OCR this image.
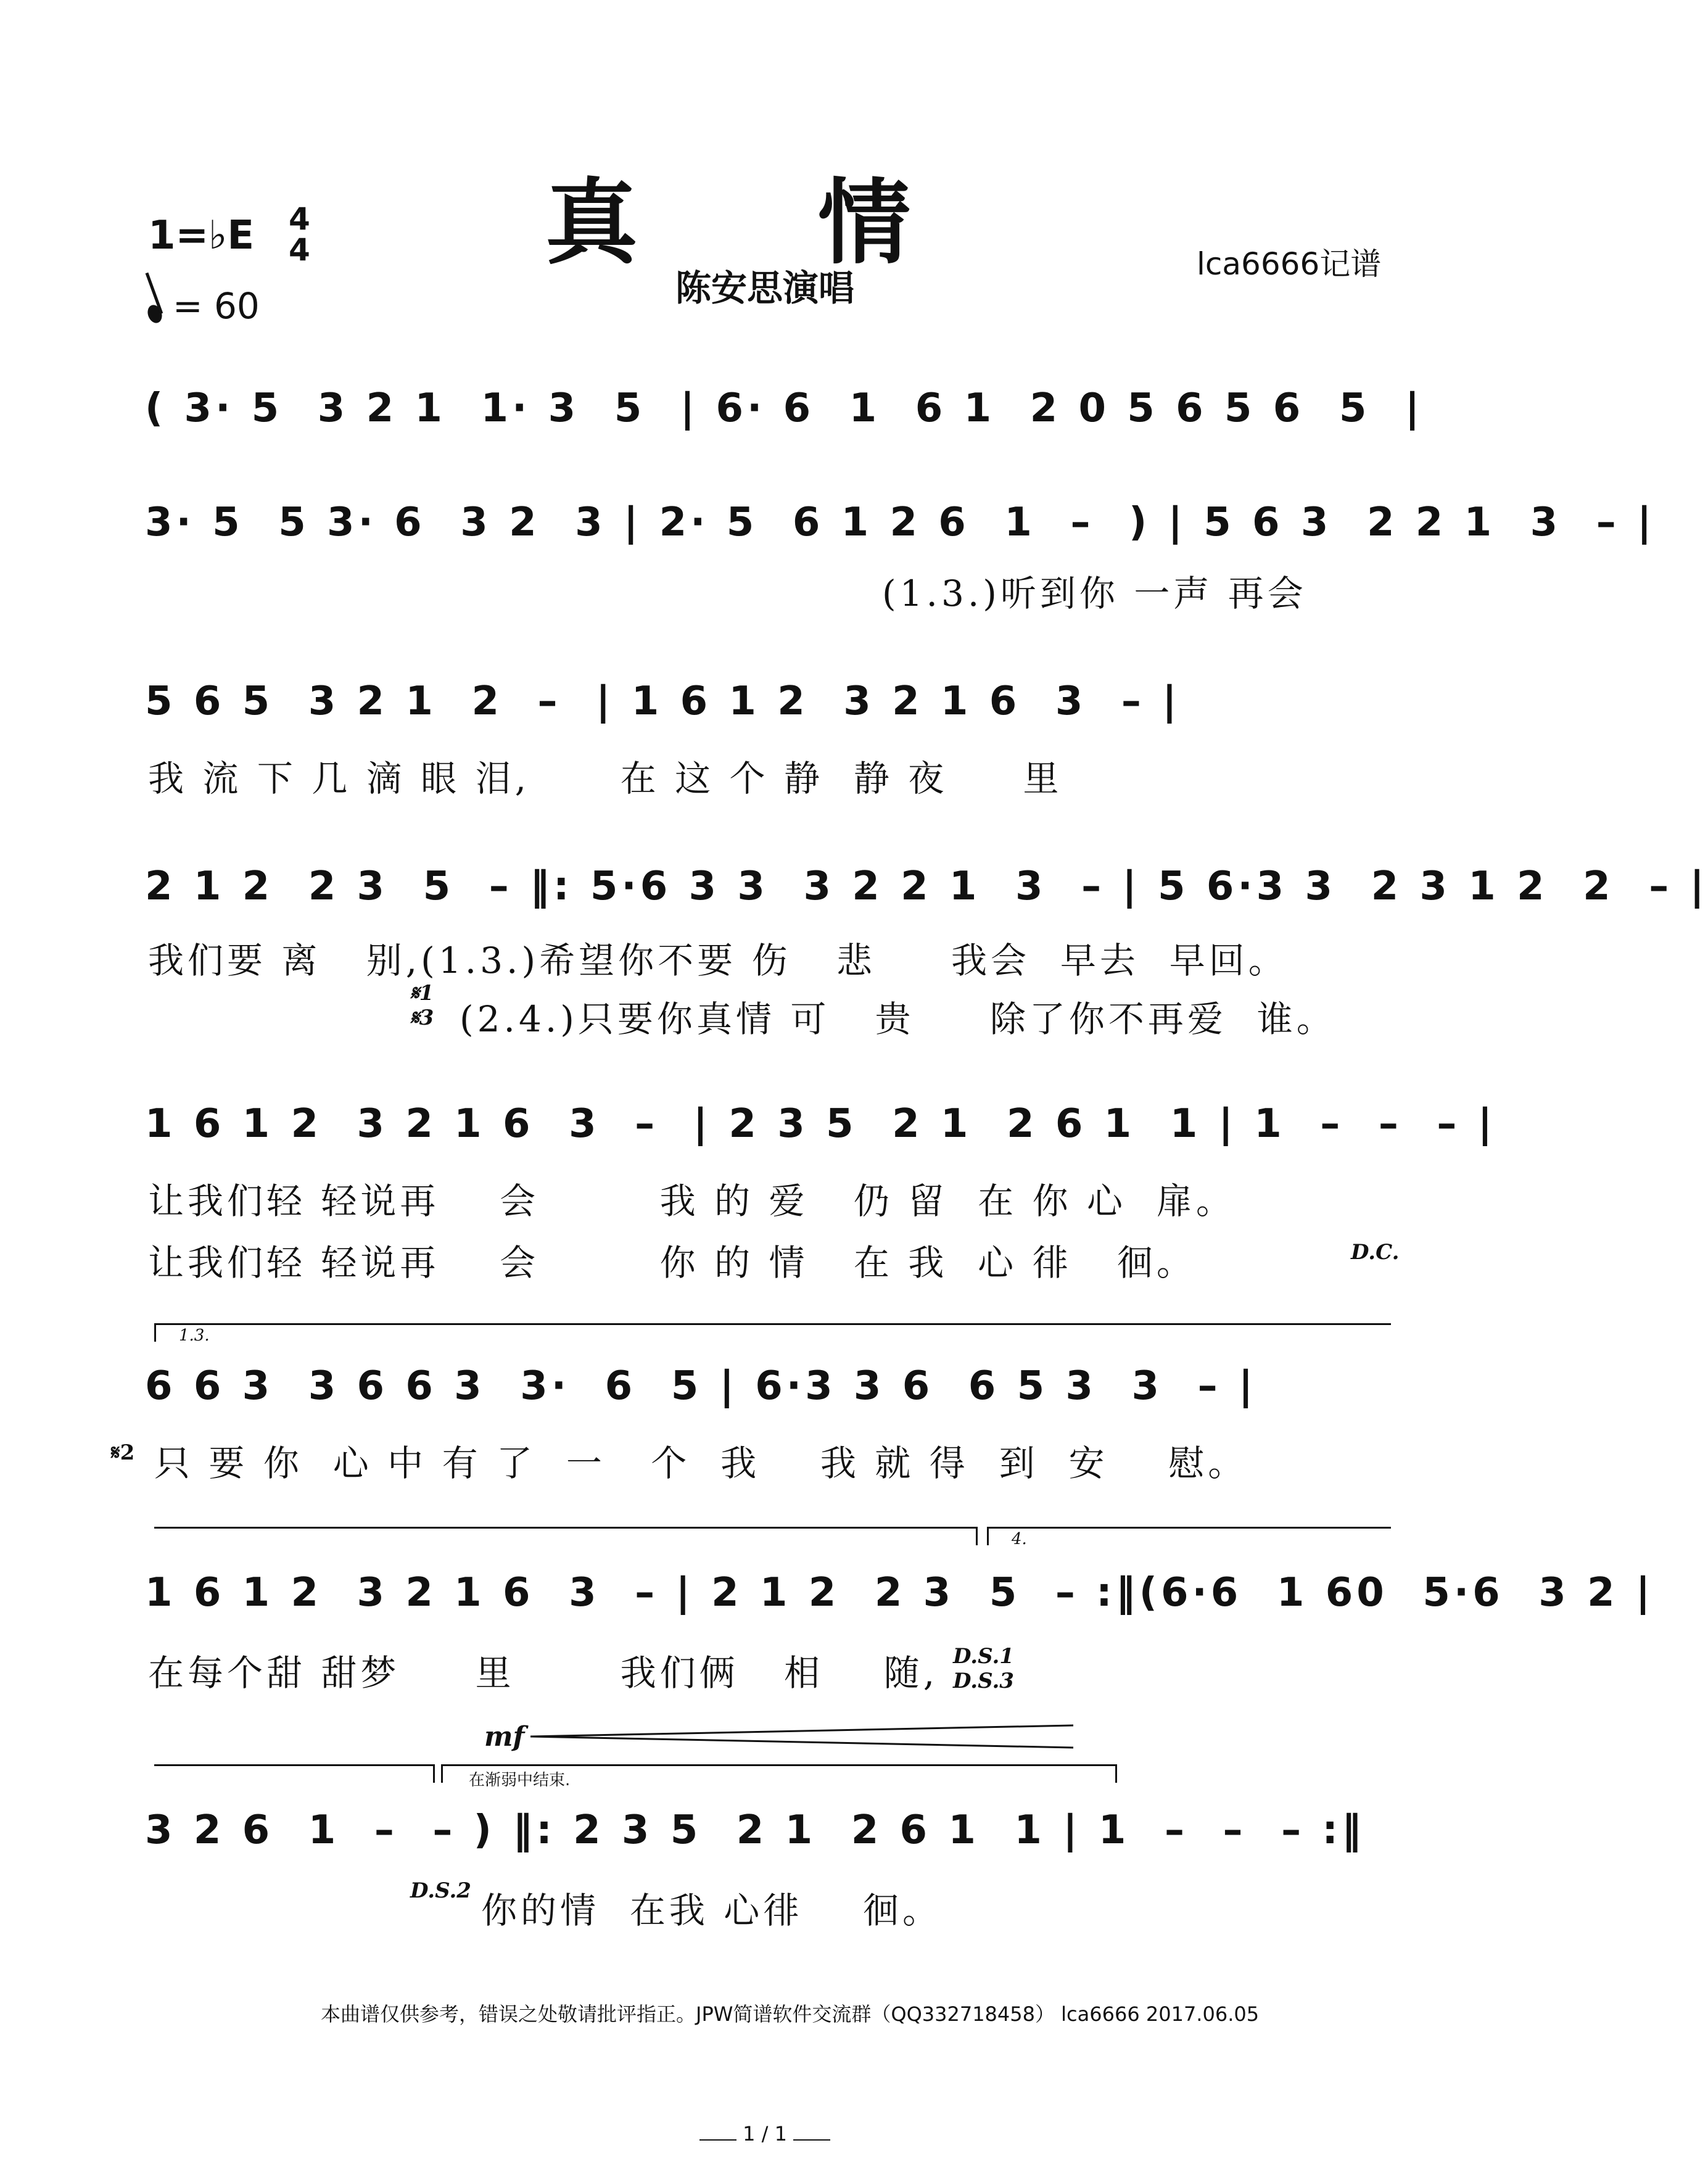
真 情
陈安思演唱
lca6666记谱
1=♭E 4
4
= 60
( 3· 5  3 2 1  1· 3  5  | 6· 6  1  6 1  2 0 5 6 5 6  5  |
3· 5  5 3· 6  3 2  3 | 2· 5  6 1 2 6  1  –  ) | 5 6 3  2 2 1  3  – |
(1.3.)听到你 一声 再会
5 6 5  3 2 1  2  –  | 1 6 1 2  3 2 1 6  3  – |
我 流 下 几 滴 眼 泪,      在 这 个 静  静 夜     里
2 1 2  2 3  5  – ‖: 5·6 3 3  3 2 2 1  3  – | 5 6·3 3  2 3 1 2  2  – |
我们要 离   别,(1.3.)希望你不要 伤   悲     我会  早去  早回。
𝄋1
𝄋3 (2.4.)只要你真情 可   贵     除了你不再爱  谁。
1 6 1 2  3 2 1 6  3  –  | 2 3 5  2 1  2 6 1  1 | 1  –  –  – |
让我们轻 轻说再    会        我 的 爱   仍 留  在 你 心  扉。
让我们轻 轻说再    会        你 的 情   在 我  心 徘   徊。	D.C.
1.3.
6 6 3  3 6 6 3  3·  6  5 | 6·3 3 6  6 5 3  3  – |
𝄋2 只 要 你  心 中 有 了  一   个  我    我 就 得  到  安    慰。
4.
1 6 1 2  3 2 1 6  3  – | 2 1 2  2 3  5  – :‖(6·6  1 60  5·6  3 2 |
在每个甜 甜梦     里       我们俩   相    随, D.S.1
D.S.3
mf
在渐弱中结束.
3 2 6  1  –  – ) ‖: 2 3 5  2 1  2 6 1  1 | 1  –  –  – :‖
D.S.2 你的情  在我 心徘    徊。
本曲谱仅供参考，错误之处敬请批评指正。JPW简谱软件交流群（QQ332718458） lca6666 2017.06.05
1 / 1
